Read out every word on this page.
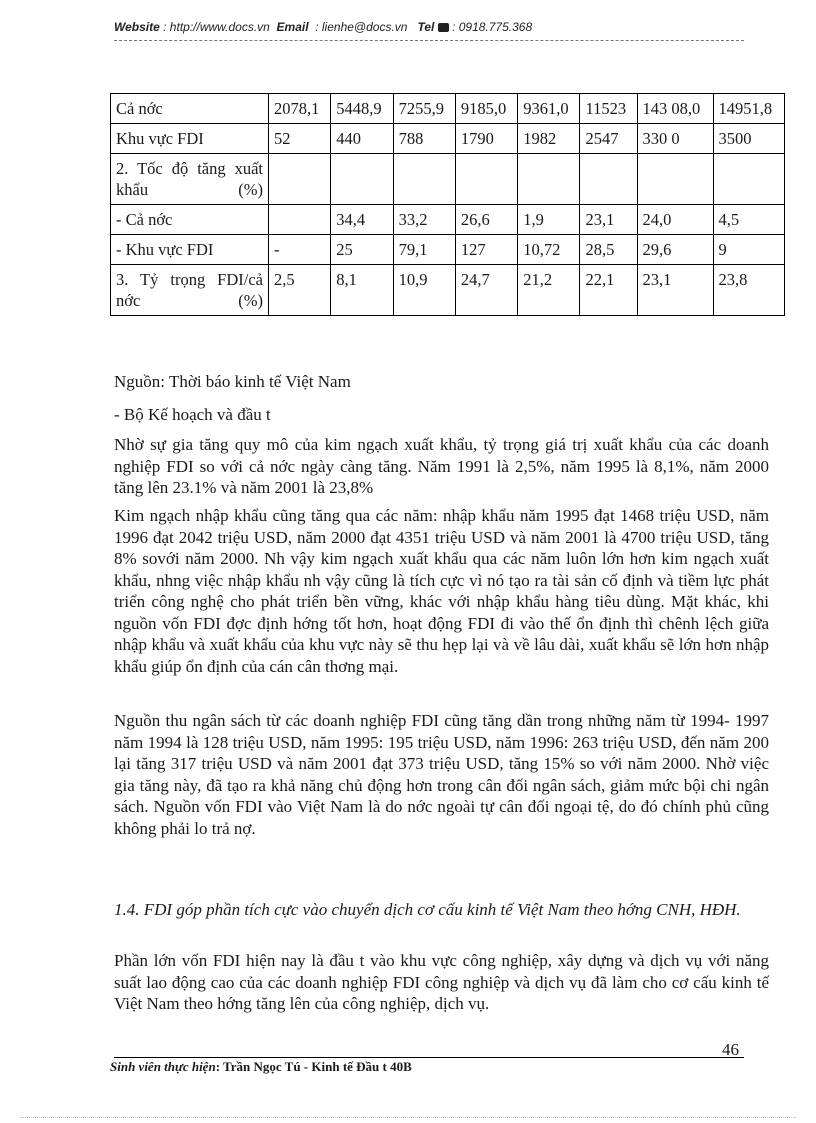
Website : http://www.docs.vn Email : lienhe@docs.vn Tel : 0918.775.368
Cả nớc	2078,1	5448,9	7255,9	9185,0	9361,0	11523	143 08,0	14951,8
Khu vực FDI	52	440	788	1790	1982	2547	330 0	3500
2. Tốc độ tăng xuất khẩu (%)								
- Cả nớc		34,4	33,2	26,6	1,9	23,1	24,0	4,5
- Khu vực FDI	-	25	79,1	127	10,72	28,5	29,6	9
3. Tỷ trọng FDI/cả nớc (%)	2,5	8,1	10,9	24,7	21,2	22,1	23,1	23,8

Nguồn: Thời báo kinh tế Việt Nam

- Bộ Kế hoạch và đầu t

Nhờ sự gia tăng quy mô của kim ngạch xuất khẩu, tỷ trọng giá trị xuất khẩu của các doanh nghiệp FDI so với cả nớc ngày càng tăng. Năm 1991 là 2,5%, năm 1995 là 8,1%, năm 2000 tăng lên 23.1% và năm 2001 là 23,8%

Kim ngạch nhập khẩu cũng tăng qua các năm: nhập khẩu năm 1995 đạt 1468 triệu USD, năm 1996 đạt 2042 triệu USD, năm 2000 đạt 4351 triệu USD và năm 2001 là 4700 triệu USD, tăng 8% sovới năm 2000. Nh vậy kim ngạch xuất khẩu qua các năm luôn lớn hơn kim ngạch xuất khẩu, nhng việc nhập khẩu nh vậy cũng là tích cực vì nó tạo ra tài sản cố định và tiềm lực phát triển công nghệ cho phát triển bền vững, khác với nhập khẩu hàng tiêu dùng. Mặt khác, khi nguồn vốn FDI đợc định hớng tốt hơn, hoạt động FDI đi vào thế ổn định thì chênh lệch giữa nhập khẩu và xuất khẩu của khu vực này sẽ thu hẹp lại và về lâu dài, xuất khẩu sẽ lớn hơn nhập khẩu giúp ổn định của cán cân thơng mại.

Nguồn thu ngân sách từ các doanh nghiệp FDI cũng tăng dần trong những năm từ 1994- 1997 năm 1994 là 128 triệu USD, năm 1995: 195 triệu USD, năm 1996: 263 triệu USD, đến năm 200 lại tăng 317 triệu USD và năm 2001 đạt 373 triệu USD, tăng 15% so với năm 2000. Nhờ việc gia tăng này, đã tạo ra khả năng chủ động hơn trong cân đối ngân sách, giảm mức bội chi ngân sách. Nguồn vốn FDI vào Việt Nam là do nớc ngoài tự cân đối ngoại tệ, do đó chính phủ cũng không phải lo trả nợ.

1.4. FDI góp phần tích cực vào chuyển dịch cơ cấu kinh tế Việt Nam theo hớng CNH, HĐH.

Phần lớn vốn FDI hiện nay là đầu t vào khu vực công nghiệp, xây dựng và dịch vụ với năng suất lao động cao của các doanh nghiệp FDI công nghiệp và dịch vụ đã làm cho cơ cấu kinh tế Việt Nam theo hớng tăng lên của công nghiệp, dịch vụ.

46
Sinh viên thực hiện: Trần Ngọc Tú - Kinh tế Đầu t 40B
